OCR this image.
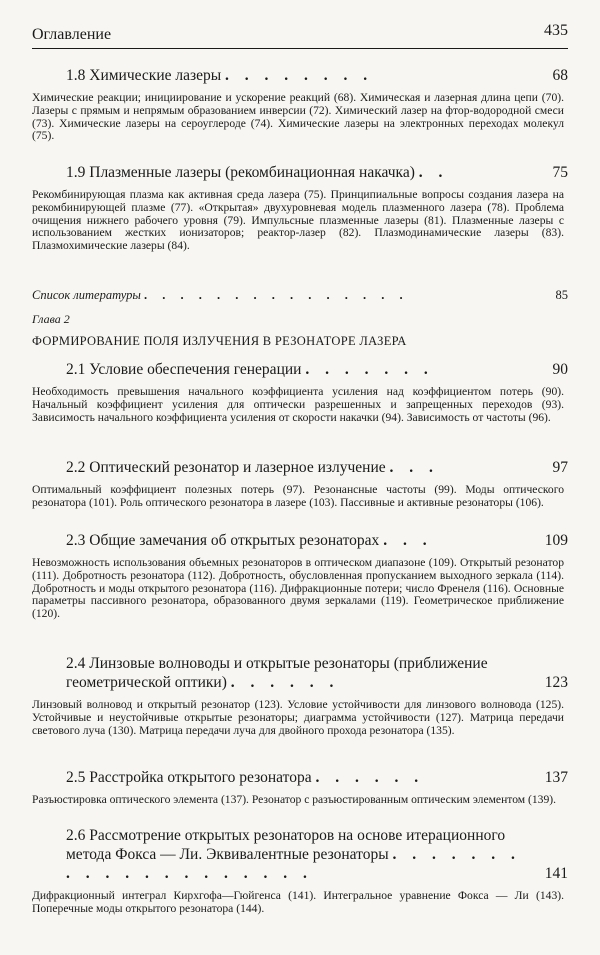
Оглавление	435
1.8 Химические лазеры . . . . . . . .	68
Химические реакции; инициирование и ускорение реакций (68). Химическая и лазерная длина цепи (70). Лазеры с прямым и непрямым образованием инверсии (72). Химический лазер на фтор-водородной смеси (73). Химические лазеры на сероуглероде (74). Химические лазеры на электронных переходах молекул (75).
1.9 Плазменные лазеры (рекомбинационная накачка) . .	75
Рекомбинирующая плазма как активная среда лазера (75). Принципиальные вопросы создания лазера на рекомбинирующей плазме (77). «Открытая» двухуровневая модель плазменного лазера (78). Проблема очищения нижнего рабочего уровня (79). Импульсные плазменные лазеры (81). Плазменные лазеры с использованием жестких ионизаторов; реактор-лазер (82). Плазмодинамические лазеры (83). Плазмохимические лазеры (84).
Список литературы . . . . . . . . . . . . . . .	85
Глава 2
ФОРМИРОВАНИЕ ПОЛЯ ИЗЛУЧЕНИЯ В РЕЗОНАТОРЕ ЛАЗЕРА
2.1 Условие обеспечения генерации . . . . . . .	90
Необходимость превышения начального коэффициента усиления над коэффициентом потерь (90). Начальный коэффициент усиления для оптически разрешенных и запрещенных переходов (93). Зависимость начального коэффициента усиления от скорости накачки (94). Зависимость от частоты (96).
2.2 Оптический резонатор и лазерное излучение . . .	97
Оптимальный коэффициент полезных потерь (97). Резонансные частоты (99). Моды оптического резонатора (101). Роль оптического резонатора в лазере (103). Пассивные и активные резонаторы (106).
2.3 Общие замечания об открытых резонаторах . . .	109
Невозможность использования объемных резонаторов в оптическом диапазоне (109). Открытый резонатор (111). Добротность резонатора (112). Добротность, обусловленная пропусканием выходного зеркала (114). Добротность и моды открытого резонатора (116). Дифракционные потери; число Френеля (116). Основные параметры пассивного резонатора, образованного двумя зеркалами (119). Геометрическое приближение (120).
2.4 Линзовые волноводы и открытые резонаторы (приближение геометрической оптики) . . . . . .	123
Линзовый волновод и открытый резонатор (123). Условие устойчивости для линзового волновода (125). Устойчивые и неустойчивые открытые резонаторы; диаграмма устойчивости (127). Матрица передачи светового луча (130). Матрица передачи луча для двойного прохода резонатора (135).
2.5 Расстройка открытого резонатора . . . . . .	137
Разъюстировка оптического элемента (137). Резонатор с разъюстированным оптическим элементом (139).
2.6 Рассмотрение открытых резонаторов на основе итерационного метода Фокса — Ли. Эквивалентные резонаторы . . . . . . . . . . . . . . . . . . . .	141
Дифракционный интеграл Кирхгофа—Гюйгенса (141). Интегральное уравнение Фокса — Ли (143). Поперечные моды открытого резонатора (144).
